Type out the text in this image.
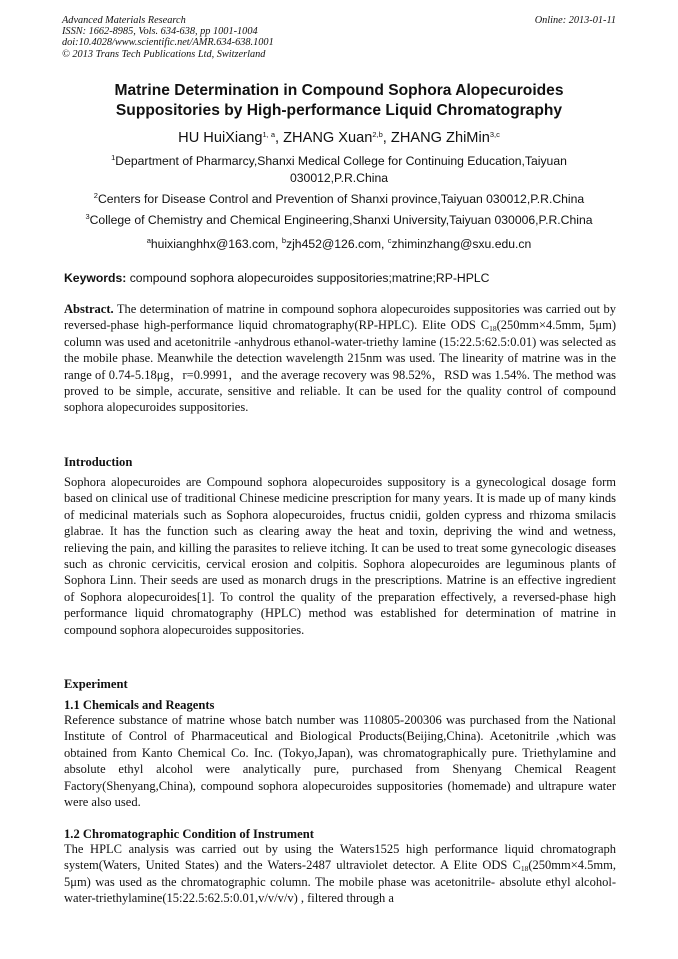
Advanced Materials Research
ISSN: 1662-8985, Vols. 634-638, pp 1001-1004
doi:10.4028/www.scientific.net/AMR.634-638.1001
© 2013 Trans Tech Publications Ltd, Switzerland
Online: 2013-01-11
Matrine Determination in Compound Sophora Alopecuroides
Suppositories by High-performance Liquid Chromatography
HU HuiXiang$^{1, a}$, ZHANG Xuan$^{2,b}$, ZHANG ZhiMin$^{3,c}$
$^1$Department of Pharmarcy,Shanxi Medical College for Continuing Education,Taiyuan
030012,P.R.China
$^2$Centers for Disease Control and Prevention of Shanxi province,Taiyuan 030012,P.R.China
$^3$College of Chemistry and Chemical Engineering,Shanxi University,Taiyuan 030006,P.R.China
$^a$huixianghhx@163.com, $^b$zjh452@126.com, $^c$zhiminzhang@sxu.edu.cn
Keywords: compound sophora alopecuroides suppositories;matrine;RP-HPLC
Abstract. The determination of matrine in compound sophora alopecuroides suppositories was carried out by reversed-phase high-performance liquid chromatography(RP-HPLC). Elite ODS $C_{18}(250mm\times 4.5mm$, 5μm) column was used and acetonitrile -anhydrous ethanol-water-triethy lamine (15:22.5:62.5:0.01) was selected as the mobile phase. Meanwhile the detection wavelength 215nm was used. The linearity of matrine was in the range of 0.74-5.18μg，r=0.9991，and the average recovery was 98.52%，RSD was 1.54%. The method was proved to be simple, accurate, sensitive and reliable. It can be used for the quality control of compound sophora alopecuroides suppositories.
Introduction
Sophora alopecuroides are Compound sophora alopecuroides suppository is a gynecological dosage form based on clinical use of traditional Chinese medicine prescription for many years. It is made up of many kinds of medicinal materials such as Sophora alopecuroides, fructus cnidii, golden cypress and rhizoma smilacis glabrae. It has the function such as clearing away the heat and toxin, depriving the wind and wetness, relieving the pain, and killing the parasites to relieve itching. It can be used to treat some gynecologic diseases such as chronic cervicitis, cervical erosion and colpitis. Sophora alopecuroides are leguminous plants of Sophora Linn. Their seeds are used as monarch drugs in the prescriptions. Matrine is an effective ingredient of Sophora alopecuroides[1]. To control the quality of the preparation effectively, a reversed-phase high performance liquid chromatography (HPLC) method was established for determination of matrine in compound sophora alopecuroides suppositories.
Experiment
1.1 Chemicals and Reagents
Reference substance of matrine whose batch number was 110805-200306 was purchased from the National Institute of Control of Pharmaceutical and Biological Products(Beijing,China). Acetonitrile ,which was obtained from Kanto Chemical Co. Inc. (Tokyo,Japan), was chromatographically pure. Triethylamine and absolute ethyl alcohol were analytically pure, purchased from Shenyang Chemical Reagent Factory(Shenyang,China), compound sophora alopecuroides suppositories (homemade) and ultrapure water were also used.
1.2 Chromatographic Condition of Instrument
The HPLC analysis was carried out by using the Waters1525 high performance liquid chromatograph system(Waters, United States) and the Waters-2487 ultraviolet detector. A Elite ODS $C_{18}(250mm\times 4.5mm$, 5μm) was used as the chromatographic column. The mobile phase was acetonitrile- absolute ethyl alcohol-water-triethylamine(15:22.5:62.5:0.01,v/v/v/v) , filtered through a
